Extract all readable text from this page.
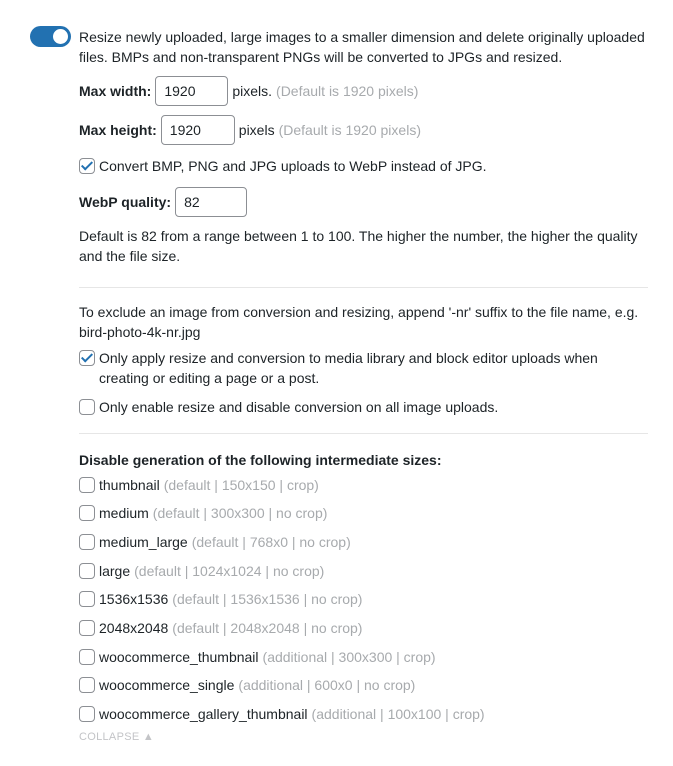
Resize newly uploaded, large images to a smaller dimension and delete originally uploaded files. BMPs and non-transparent PNGs will be converted to JPGs and resized.

Max width:
1920	pixels. (Default is 1920 pixels)
Max height:
1920	pixels (Default is 1920 pixels)
Convert BMP, PNG and JPG uploads to WebP instead of JPG.
WebP quality:
82

Default is 82 from a range between 1 to 100. The higher the number, the higher the quality and the file size.

To exclude an image from conversion and resizing, append '-nr' suffix to the file name, e.g. bird-photo-4k-nr.jpg

Only apply resize and conversion to media library and block editor uploads when creating or editing a page or a post.
Only enable resize and disable conversion on all image uploads.
Disable generation of the following intermediate sizes:
thumbnail (default | 150x150 | crop)
medium (default | 300x300 | no crop)
medium_large (default | 768x0 | no crop)
large (default | 1024x1024 | no crop)
1536x1536 (default | 1536x1536 | no crop)
2048x2048 (default | 2048x2048 | no crop)
woocommerce_thumbnail (additional | 300x300 | crop)
woocommerce_single (additional | 600x0 | no crop)
woocommerce_gallery_thumbnail (additional | 100x100 | crop)
COLLAPSE ▲
